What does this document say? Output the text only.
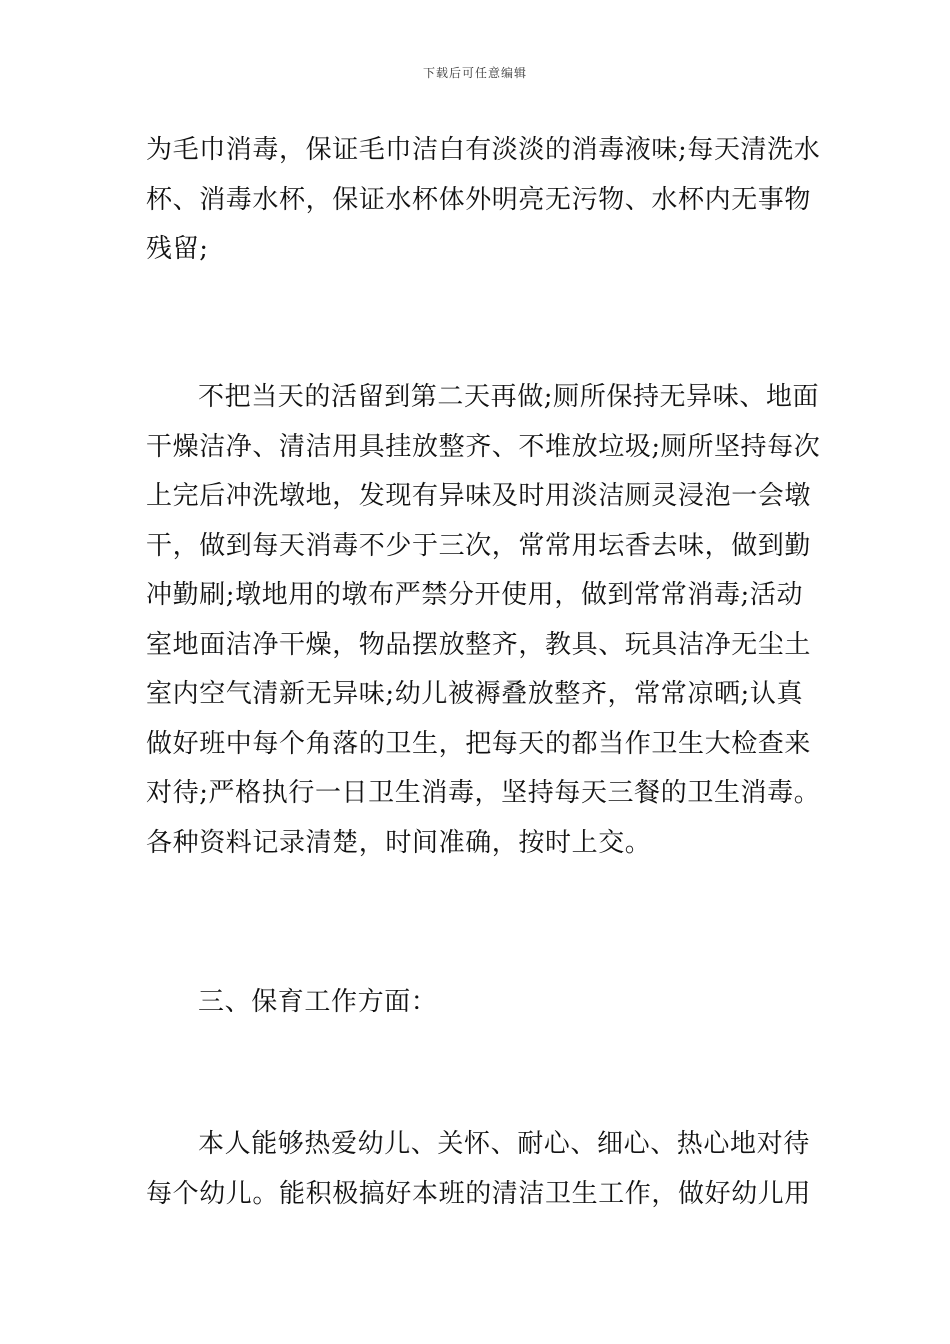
下载后可任意编辑
为毛巾消毒，保证毛巾洁白有淡淡的消毒液味;每天清洗水
杯、消毒水杯，保证水杯体外明亮无污物、水杯内无事物
残留;
不把当天的活留到第二天再做;厕所保持无异味、地面
干燥洁净、清洁用具挂放整齐、不堆放垃圾;厕所坚持每次
上完后冲洗墩地，发现有异味及时用淡洁厕灵浸泡一会墩
干，做到每天消毒不少于三次，常常用坛香去味，做到勤
冲勤刷;墩地用的墩布严禁分开使用，做到常常消毒;活动
室地面洁净干燥，物品摆放整齐，教具、玩具洁净无尘土
室内空气清新无异味;幼儿被褥叠放整齐，常常凉晒;认真
做好班中每个角落的卫生，把每天的都当作卫生大检查来
对待;严格执行一日卫生消毒，坚持每天三餐的卫生消毒。
各种资料记录清楚，时间准确，按时上交。
三、保育工作方面：
本人能够热爱幼儿、关怀、耐心、细心、热心地对待
每个幼儿。能积极搞好本班的清洁卫生工作，做好幼儿用
